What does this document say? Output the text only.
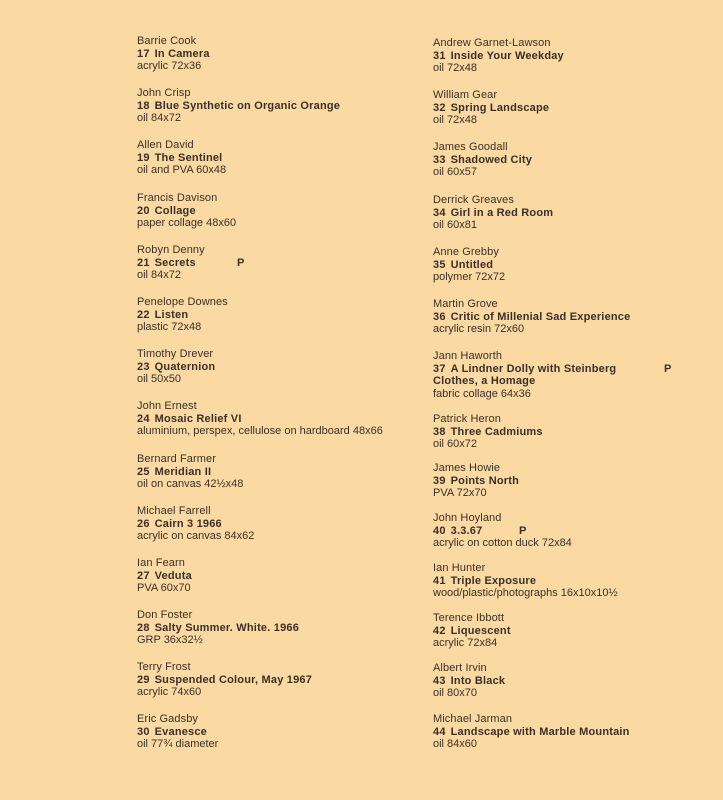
Barrie Cook
17 In Camera
acrylic 72x36
John Crisp
18 Blue Synthetic on Organic Orange
oil 84x72
Allen David
19 The Sentinel
oil and PVA 60x48
Francis Davison
20 Collage
paper collage 48x60
Robyn Denny
21 Secrets	P
oil 84x72
Penelope Downes
22 Listen
plastic 72x48
Timothy Drever
23 Quaternion
oil 50x50
John Ernest
24 Mosaic Relief VI
aluminium, perspex, cellulose on hardboard 48x66
Bernard Farmer
25 Meridian II
oil on canvas 42½x48
Michael Farrell
26 Cairn 3 1966
acrylic on canvas 84x62
Ian Fearn
27 Veduta
PVA 60x70
Don Foster
28 Salty Summer. White. 1966
GRP 36x32½
Terry Frost
29 Suspended Colour, May 1967
acrylic 74x60
Eric Gadsby
30 Evanesce
oil 77¾ diameter
Andrew Garnet-Lawson
31 Inside Your Weekday
oil 72x48
William Gear
32 Spring Landscape
oil 72x48
James Goodall
33 Shadowed City
oil 60x57
Derrick Greaves
34 Girl in a Red Room
oil 60x81
Anne Grebby
35 Untitled
polymer 72x72
Martin Grove
36 Critic of Millenial Sad Experience
acrylic resin 72x60
Jann Haworth
37 A Lindner Dolly with Steinberg	P
Clothes, a Homage
fabric collage 64x36
Patrick Heron
38 Three Cadmiums
oil 60x72
James Howie
39 Points North
PVA 72x70
John Hoyland
40 3.3.67	P
acrylic on cotton duck 72x84
Ian Hunter
41 Triple Exposure
wood/plastic/photographs 16x10x10½
Terence Ibbott
42 Liquescent
acrylic 72x84
Albert Irvin
43 Into Black
oil 80x70
Michael Jarman
44 Landscape with Marble Mountain
oil 84x60
